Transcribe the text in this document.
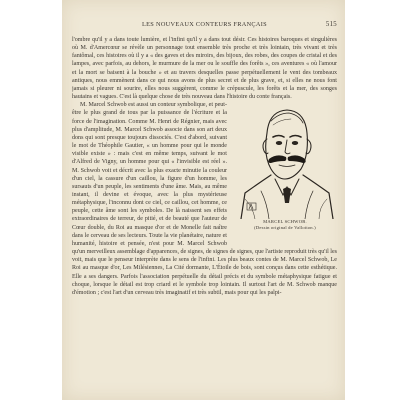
LES NOUVEAUX CONTEURS FRANÇAIS	515

l'ombre qu'il y a dans toute lumière, et l'infini qu'il y a dans tout désir. Ces histoires baroques et singulières où M. d'Amercœur se révèle un personnage tout ensemble très proche et très lointain, très vivant et très fantômal, ces histoires où il y a « des gaves et des miroirs, des bijoux, des robes, des coupes de cristal et des lampes, avec parfois, au dehors, le murmure de la mer ou le souffle des forêts », ces aventures « où l'amour et la mort se baisent à la bouche » et au travers desquelles passe perpétuellement le vent des tombeaux antiques, nous emmènent dans ce qui nous avons de plus secret et de plus grave, et, si elles ne nous font jamais si pleurer ni sourire, elles nous suggèrent, comme le crépuscule, les forêts et la mer, des songes hautains et vagues. C'est là quelque chose de très nouveau dans l'histoire du conte français.

MARCEL SCHWOB.
(Dessin original de Vallotton.)

M. Marcel Schwob est aussi un conteur symbolique, et peut-être le plus grand de tous par la puissance de l'écriture et la force de l'imagination. Comme M. Henri de Régnier, mais avec plus d'amplitude, M. Marcel Schwob associe dans son art deux dons qui sont presque toujours dissociés. C'est d'abord, suivant le mot de Théophile Gautier, « un homme pour qui le monde visible existe » : mais c'est en même temps, suivant le mot d'Alfred de Vigny, un homme pour qui « l'invisible est réel ». M. Schwob voit et décrit avec la plus exacte minutie la couleur d'un ciel, la cassure d'un caillou, la figure d'un homme, les sursauts d'un peuple, les sentiments d'une âme. Mais, au même instant, il devine et évoque, avec la plus mystérieuse métaphysique, l'inconnu dont ce ciel, ce caillou, cet homme, ce peuple, cette âme sont les symboles. De là naissent ses effets extraordinaires de terreur, de pitié, et de beauté que l'auteur de Cœur double, du Roi au masque d'or et de Monelle fait naître dans le cerveau de ses lecteurs. Toute la vie planétaire, nature et humanité, histoire et pensée, n'est pour M. Marcel Schwob qu'un merveilleux assemblage d'apparences, de signes, de signes de signes, que l'artiste reproduit très qu'il les voit, mais que le penseur interprète dans le sens de l'infini. Les plus beaux contes de M. Marcel Schwob, Le Roi au masque d'or, Les Milésiennes, La Cité dormante, L'Étoile de bois, sont conçus dans cette esthétique. Elle a ses dangers. Parfois l'association perpétuelle du détail précis et du symbole métaphysique fatigue et choque, lorsque le détail est trop criard et le symbole trop lointain. Il surtout l'art de M. Schwob manque d'émotion ; c'est l'art d'un cerveau très imaginatif et très subtil, mais pour qui les palpi-
